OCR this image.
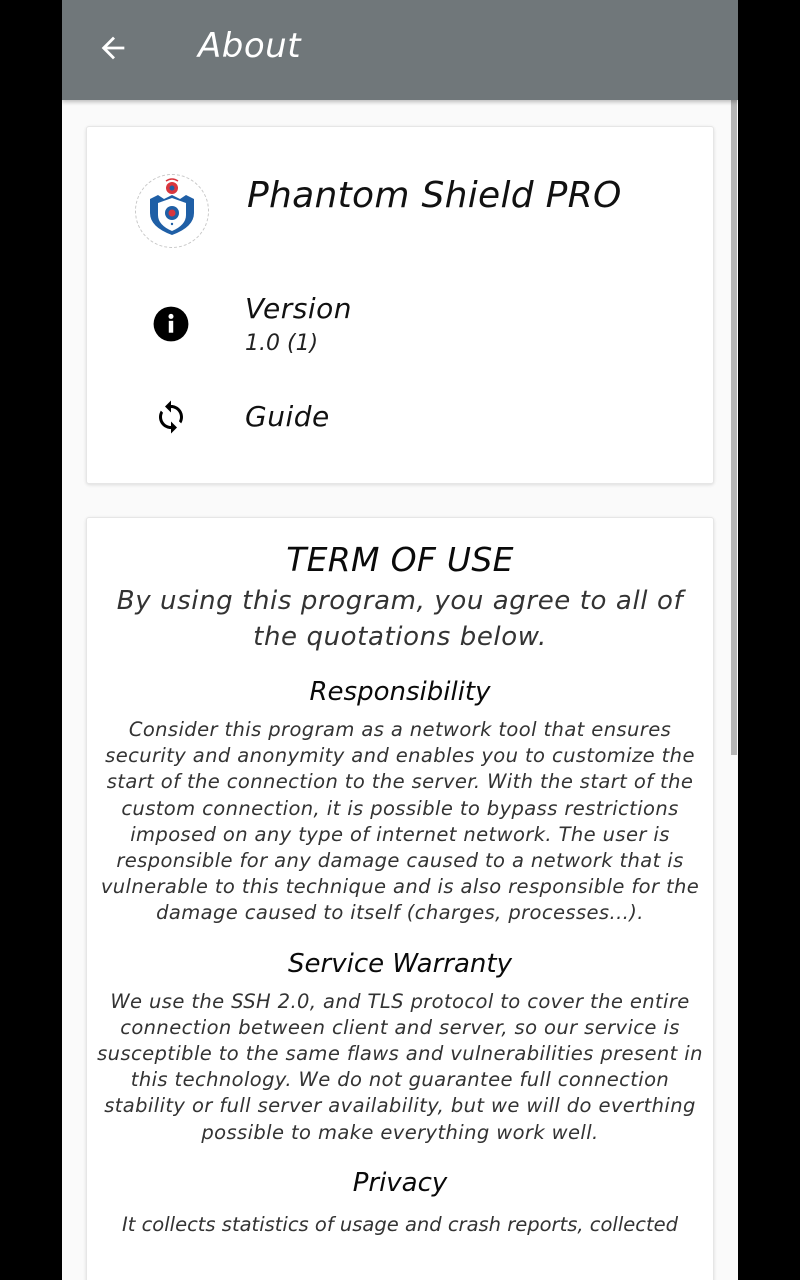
About
Phantom Shield PRO
Version
1.0 (1)
Guide
TERM OF USE
By using this program, you agree to all of the quotations below.
Responsibility
Consider this program as a network tool that ensures security and anonymity and enables you to customize the start of the connection to the server. With the start of the custom connection, it is possible to bypass restrictions imposed on any type of internet network. The user is responsible for any damage caused to a network that is vulnerable to this technique and is also responsible for the damage caused to itself (charges, processes...).
Service Warranty
We use the SSH 2.0, and TLS protocol to cover the entire connection between client and server, so our service is susceptible to the same flaws and vulnerabilities present in this technology. We do not guarantee full connection stability or full server availability, but we will do everthing possible to make everything work well.
Privacy
It collects statistics of usage and crash reports, collected
